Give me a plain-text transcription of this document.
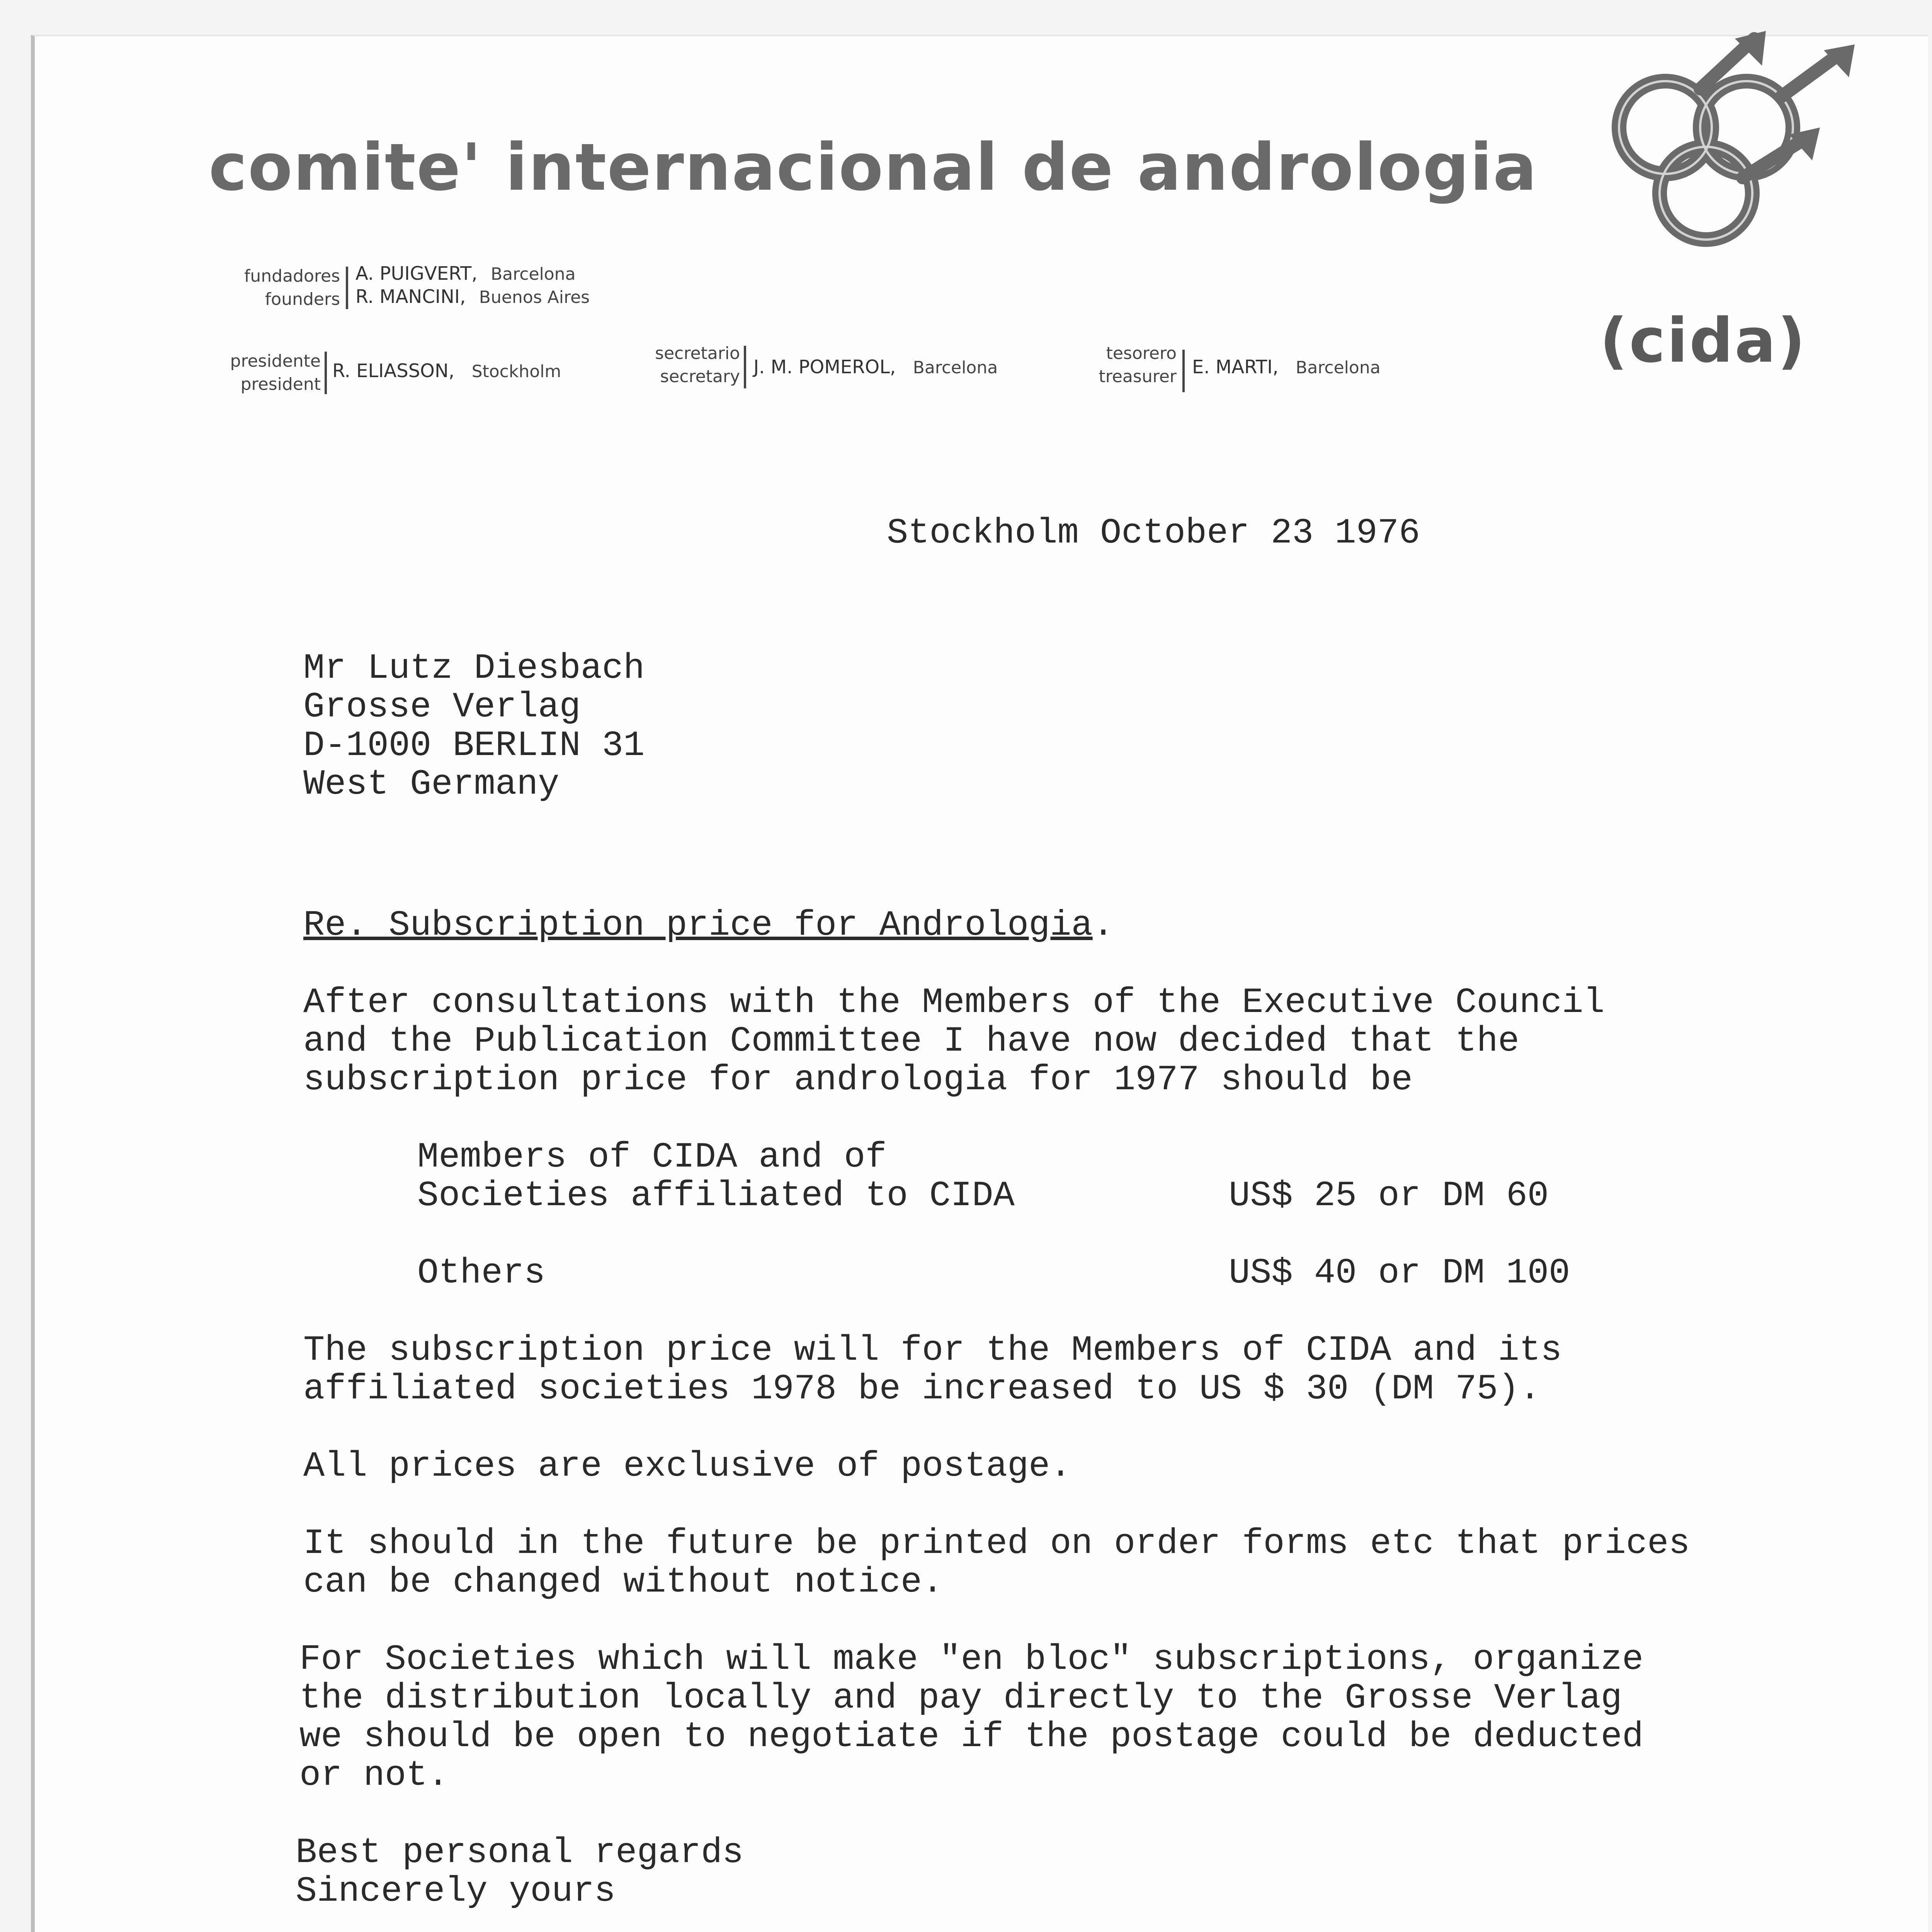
comite' internacional de andrologia
fundadores
founders
A. PUIGVERT, Barcelona
R. MANCINI, Buenos Aires
presidente
president
R. ELIASSON, Stockholm
secretario
secretary J. M. POMEROL, Barcelona
tesorero
treasurer E. MARTI, Barcelona	(cida)
Stockholm October 23 1976
Mr Lutz Diesbach
Grosse Verlag
D-1000 BERLIN 31
West Germany
Re. Subscription price for Andrologia.
After consultations with the Members of the Executive Council
and the Publication Committee I have now decided that the
subscription price for andrologia for 1977 should be
Members of CIDA and of
Societies affiliated to CIDA	US$ 25 or DM 60
Others	US$ 40 or DM 100
The subscription price will for the Members of CIDA and its
affiliated societies 1978 be increased to US $ 30 (DM 75).
All prices are exclusive of postage.
It should in the future be printed on order forms etc that prices
can be changed without notice.
For Societies which will make "en bloc" subscriptions, organize
the distribution locally and pay directly to the Grosse Verlag
we should be open to negotiate if the postage could be deducted
or not.
Best personal regards
Sincerely yours
